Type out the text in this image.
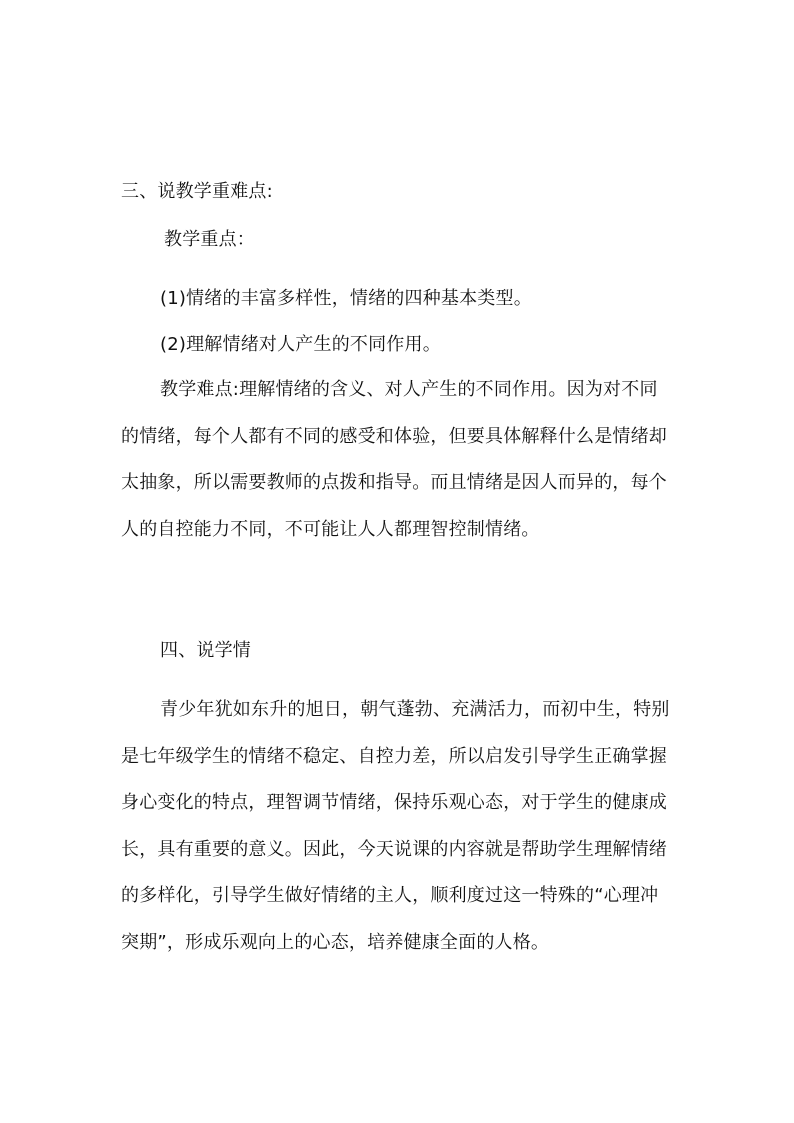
三、说教学重难点:
教学重点：
(1)情绪的丰富多样性，情绪的四种基本类型。
(2)理解情绪对人产生的不同作用。
教学难点:理解情绪的含义、对人产生的不同作用。因为对不同
的情绪，每个人都有不同的感受和体验，但要具体解释什么是情绪却
太抽象，所以需要教师的点拨和指导。而且情绪是因人而异的，每个
人的自控能力不同，不可能让人人都理智控制情绪。
四、说学情
青少年犹如东升的旭日，朝气蓬勃、充满活力，而初中生，特别
是七年级学生的情绪不稳定、自控力差，所以启发引导学生正确掌握
身心变化的特点，理智调节情绪，保持乐观心态，对于学生的健康成
长，具有重要的意义。因此，今天说课的内容就是帮助学生理解情绪
的多样化，引导学生做好情绪的主人，顺利度过这一特殊的“心理冲
突期”，形成乐观向上的心态，培养健康全面的人格。
